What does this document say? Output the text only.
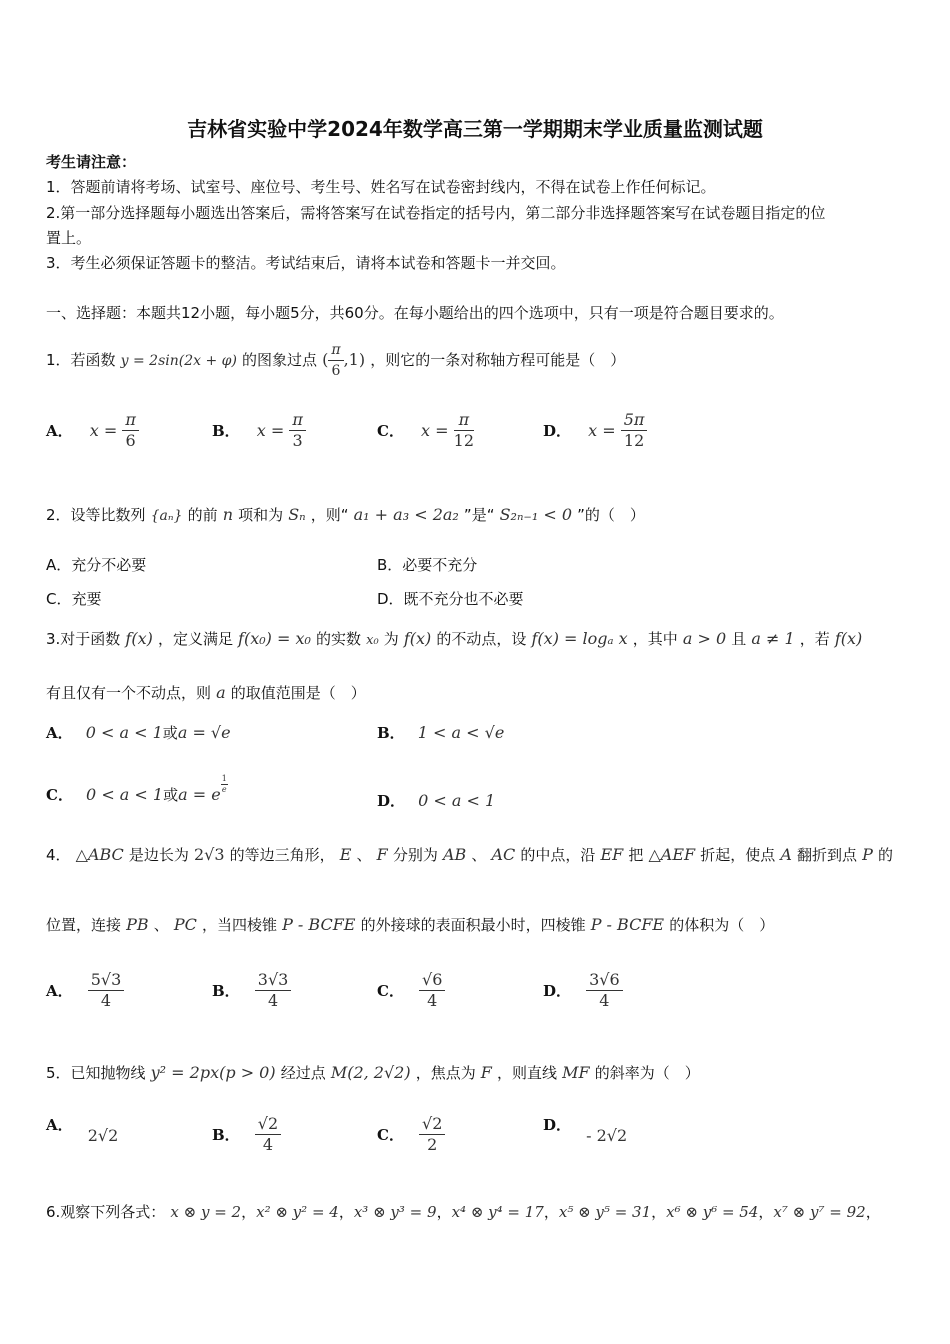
吉林省实验中学2024年数学高三第一学期期末学业质量监测试题
考生请注意：
1．答题前请将考场、试室号、座位号、考生号、姓名写在试卷密封线内，不得在试卷上作任何标记。
2.第一部分选择题每小题选出答案后，需将答案写在试卷指定的括号内，第二部分非选择题答案写在试卷题目指定的位
置上。
3．考生必须保证答题卡的整洁。考试结束后，请将本试卷和答题卡一并交回。
一、选择题：本题共12小题，每小题5分，共60分。在每小题给出的四个选项中，只有一项是符合题目要求的。
1．若函数 y = 2sin(2x + φ) 的图象过点 ( $\frac{\pi}{6} ,1$) ，则它的一条对称轴方程可能是（　）
A． $x = \frac{\pi}{6}$	B． $x = \frac{\pi}{3}$	C． $x = \frac{\pi}{12}$	D． $x = \frac{5\pi}{12}$
2．设等比数列 {aₙ} 的前 n 项和为 Sₙ ，则“ a₁ + a₃ < 2a₂ ”是“ S₂ₙ₋₁ < 0 ”的（　）
A．充分不必要	B．必要不充分
C．充要	D．既不充分也不必要
3.对于函数 f(x) ，定义满足 f(x₀) = x₀ 的实数 x₀ 为 f(x) 的不动点，设 f(x) = logₐ x ，其中 a > 0 且 a ≠ 1 ，若 f(x)
有且仅有一个不动点，则 a 的取值范围是（　）
A． 0 < a < 1或a = √e	B． 1 < a < √e
C． 0 < a < 1或a = e $\frac{1}{e}$
D． 0 < a < 1
4． △ABC 是边长为 2√3 的等边三角形， E 、 F 分别为 AB 、 AC 的中点，沿 EF 把 △AEF 折起，使点 A 翻折到点 P 的
位置，连接 PB 、 PC ，当四棱锥 P - BCFE 的外接球的表面积最小时，四棱锥 P - BCFE 的体积为（　）
A． $\frac{5√3}{4}$	B． $\frac{3√3}{4}$	C． $\frac{√6}{4}$	D． $\frac{3√6}{4}$
5．已知抛物线 y² = 2px(p > 0) 经过点 M(2, 2√2) ，焦点为 F ，则直线 MF 的斜率为（　）
A． 2√2	B． $\frac{√2}{4}$	C． $\frac{√2}{2}$	D． - 2√2
6.观察下列各式： x ⊗ y = 2，x² ⊗ y² = 4，x³ ⊗ y³ = 9，x⁴ ⊗ y⁴ = 17，x⁵ ⊗ y⁵ = 31，x⁶ ⊗ y⁶ = 54，x⁷ ⊗ y⁷ = 92，
